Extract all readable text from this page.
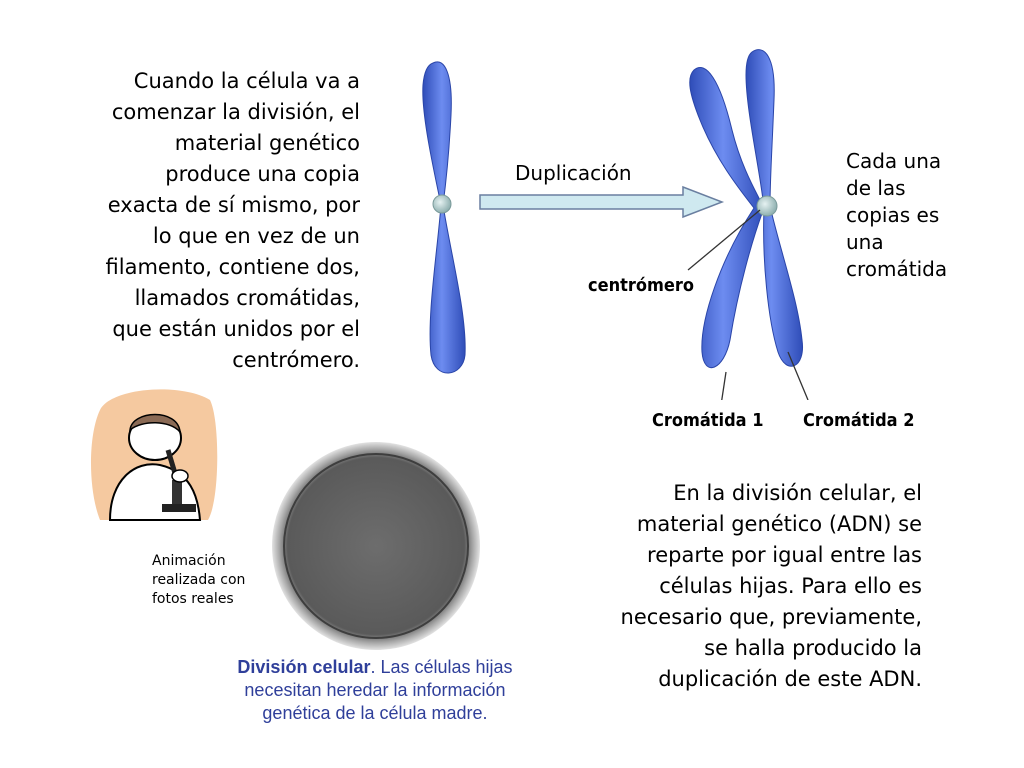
Cuando la célula va a
comenzar la división, el
material genético
produce una copia
exacta de sí mismo, por
lo que en vez de un
filamento, contiene dos,
llamados cromátidas,
que están unidos por el
centrómero.
Duplicación
centrómero
Cada una
de las
copias es
una
cromátida
Cromátida 1 Cromátida 2
Animación
realizada con
fotos reales
División celular. Las células hijas necesitan heredar la información genética de la célula madre.
En la división celular, el
material genético (ADN) se
reparte por igual entre las
células hijas. Para ello es
necesario que, previamente,
se halla producido la
duplicación de este ADN.
